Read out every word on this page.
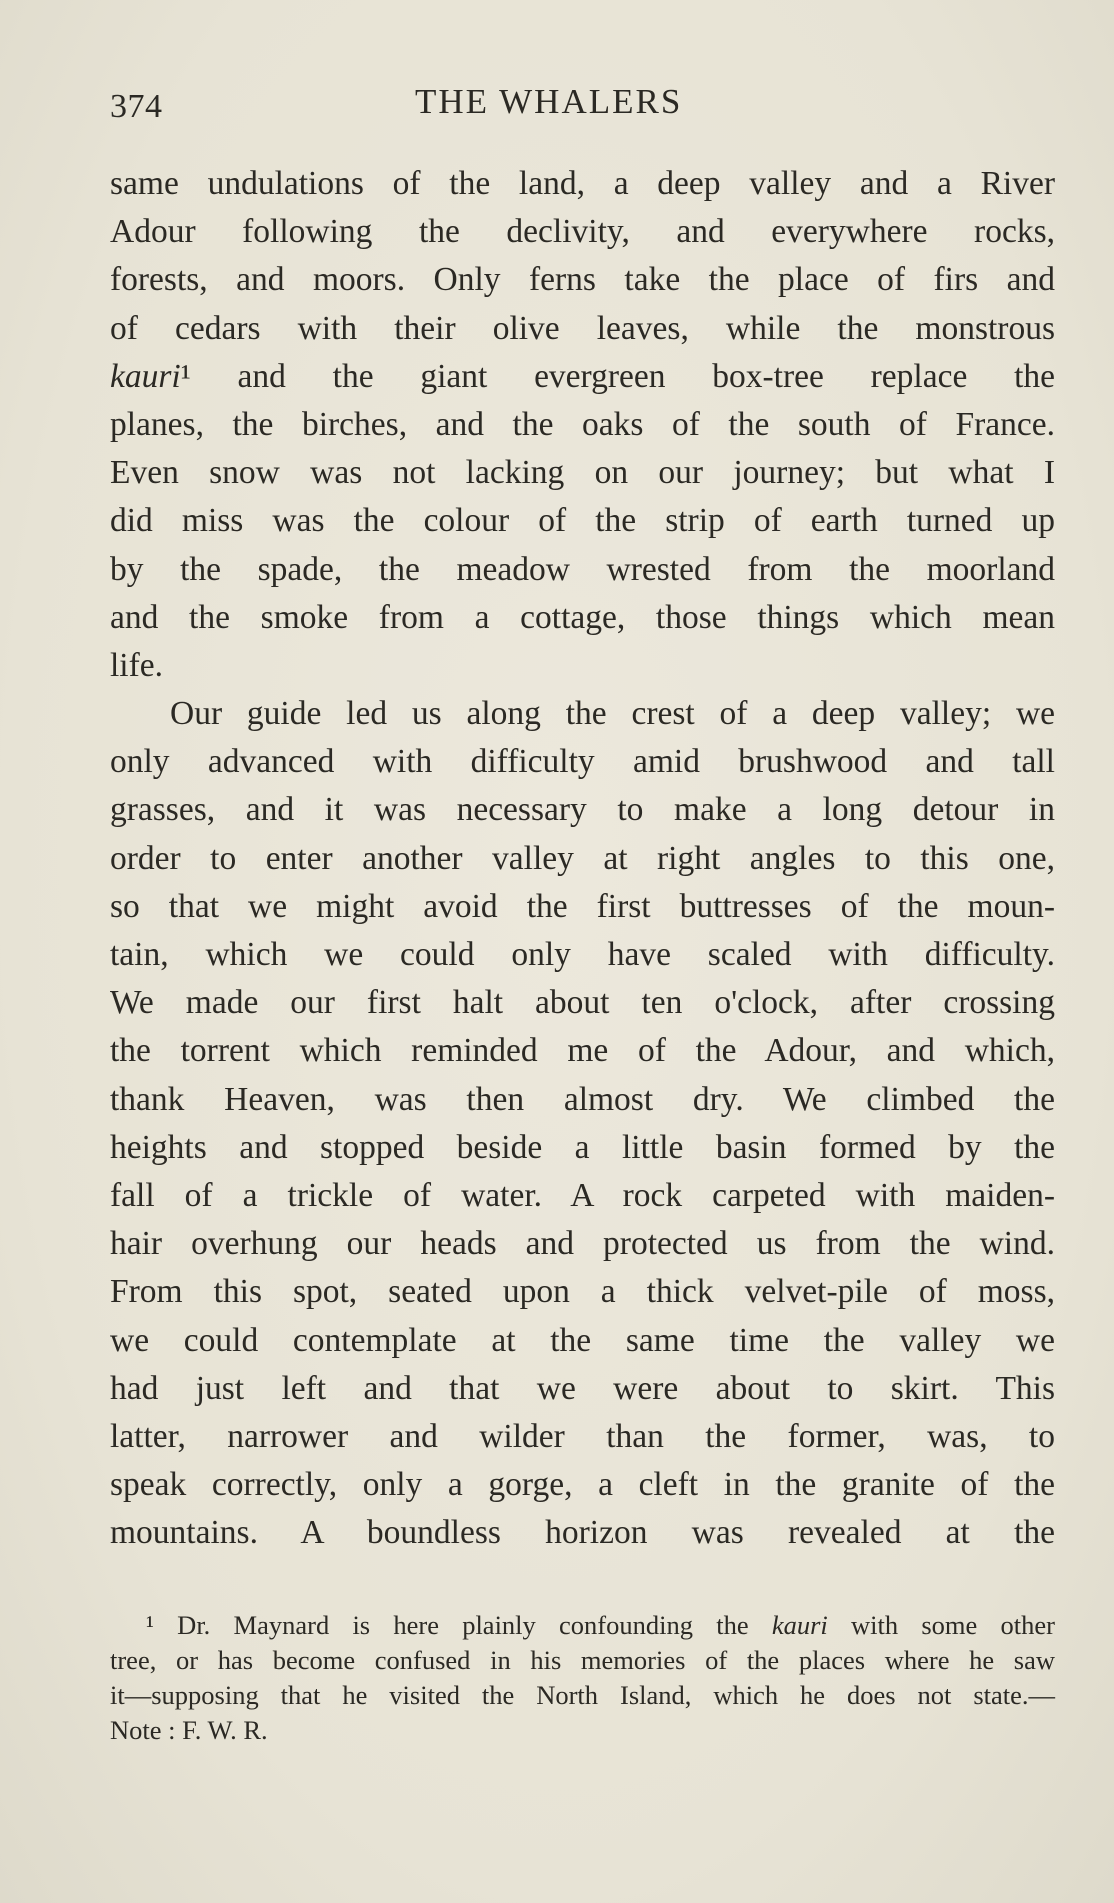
374	THE WHALERS
same undulations of the land, a deep valley and a River
Adour following the declivity, and everywhere rocks,
forests, and moors. Only ferns take the place of firs and
of cedars with their olive leaves, while the monstrous
kauri¹ and the giant evergreen box-tree replace the
planes, the birches, and the oaks of the south of France.
Even snow was not lacking on our journey; but what I
did miss was the colour of the strip of earth turned up
by the spade, the meadow wrested from the moorland
and the smoke from a cottage, those things which mean
life.
Our guide led us along the crest of a deep valley; we
only advanced with difficulty amid brushwood and tall
grasses, and it was necessary to make a long detour in
order to enter another valley at right angles to this one,
so that we might avoid the first buttresses of the moun-
tain, which we could only have scaled with difficulty.
We made our first halt about ten o'clock, after crossing
the torrent which reminded me of the Adour, and which,
thank Heaven, was then almost dry. We climbed the
heights and stopped beside a little basin formed by the
fall of a trickle of water. A rock carpeted with maiden-
hair overhung our heads and protected us from the wind.
From this spot, seated upon a thick velvet-pile of moss,
we could contemplate at the same time the valley we
had just left and that we were about to skirt. This
latter, narrower and wilder than the former, was, to
speak correctly, only a gorge, a cleft in the granite of the
mountains. A boundless horizon was revealed at the
¹ Dr. Maynard is here plainly confounding the kauri with some other
tree, or has become confused in his memories of the places where he saw
it—supposing that he visited the North Island, which he does not state.—
Note : F. W. R.
